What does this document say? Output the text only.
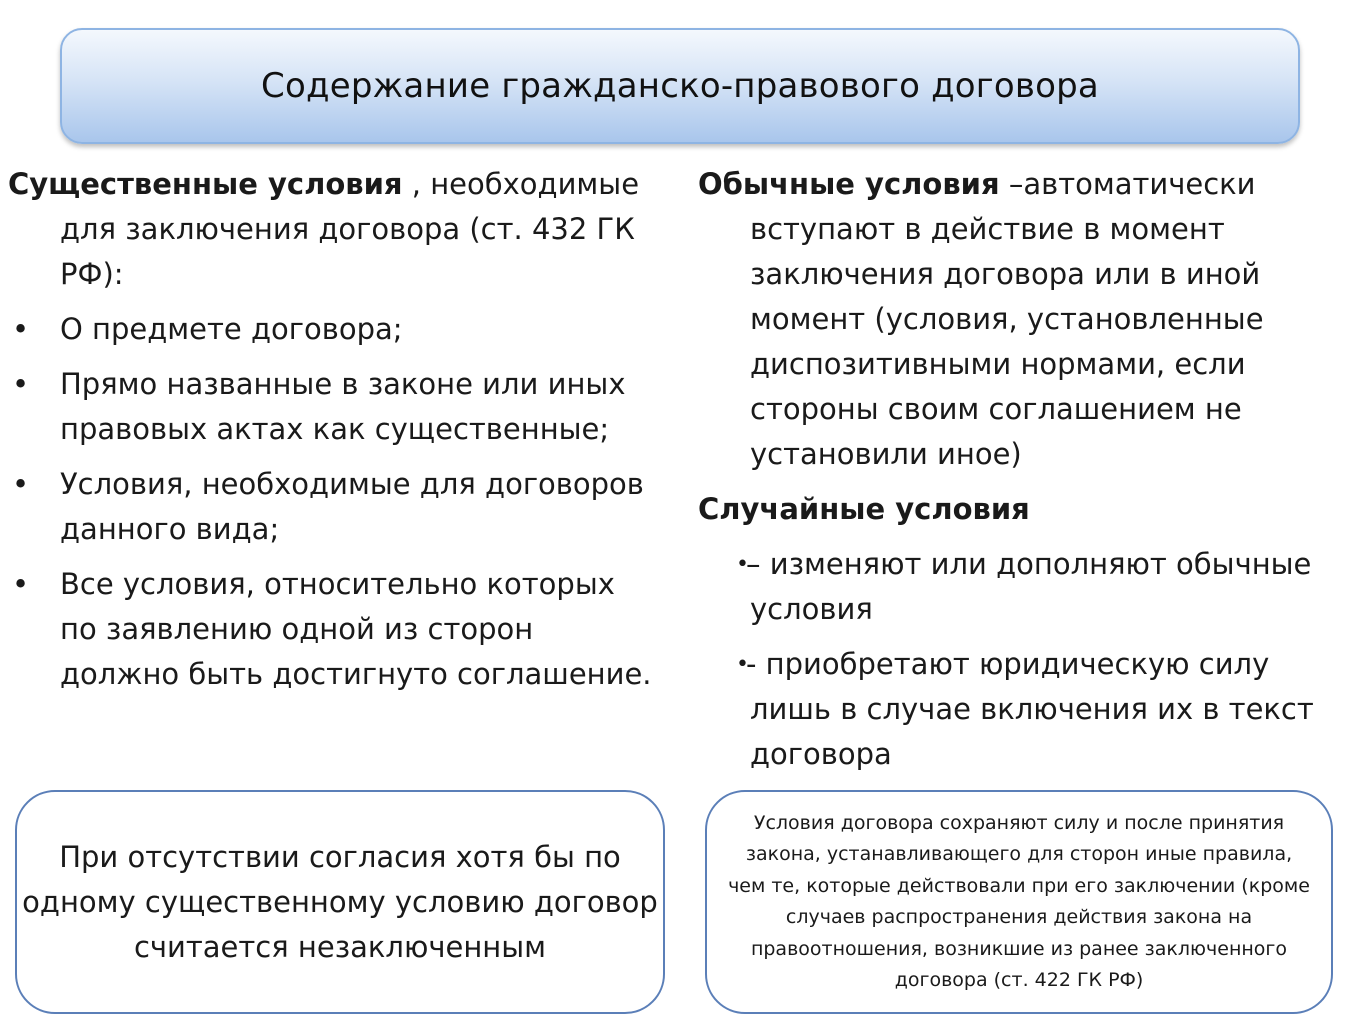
Содержание гражданско-правового договора

Существенные условия , необходимые для заключения договора (ст. 432 ГК РФ):

• О предмете договора;
• Прямо названные в законе или иных правовых актах как существенные;
• Условия, необходимые для договоров данного вида;
• Все условия, относительно которых по заявлению одной из сторон должно быть достигнуто соглашение.

Обычные условия –автоматически вступают в действие в момент заключения договора или в иной момент (условия, установленные диспозитивными нормами, если стороны своим соглашением не установили иное)

Случайные условия

•
– изменяют или дополняют обычные условия
•
- приобретают юридическую силу лишь в случае включения их в текст договора
При отсутствии согласия хотя бы по одному существенному условию договор считается незаключенным
Условия договора сохраняют силу и после принятия закона, устанавливающего для сторон иные правила, чем те, которые действовали при его заключении (кроме случаев распространения действия закона на правоотношения, возникшие из ранее заключенного договора (ст. 422 ГК РФ)
